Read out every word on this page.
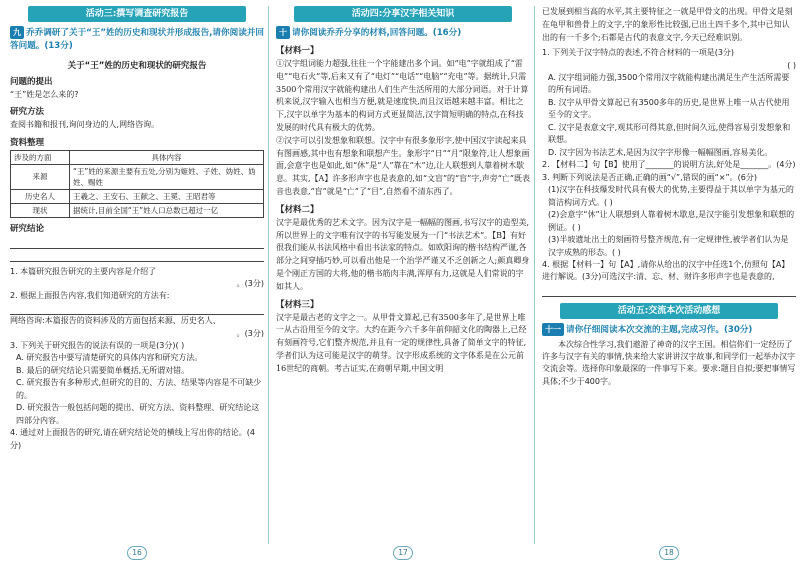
活动三:撰写调查研究报告
九 乔乔调研了关于“王”姓的历史和现状并形成报告,请你阅读并回答问题。(13分)
关于“王”姓的历史和现状的研究报告
问题的提出

“王”姓是怎么来的?

研究方法

查阅书籍和报刊,询问身边的人,网络咨询。

资料整理
涉及的方面	具体内容
来源	“王”姓的来源主要有五处,分别为姬姓、子姓、妫姓、妫姓、赐姓
历史名人	王羲之、王安石、王献之、王冕、王昭君等
现状	据统计,目前全国“王”姓人口总数已超过一亿
研究结论

1. 本篇研究报告研究的主要内容是介绍了

。(3分)

2. 根据上面报告内容,我们知道研究的方法有:

网络咨询:本篇报告的资料涉及的方面包括来源、历史名人、

。(3分)

3. 下列关于研究报告的说法有误的一项是(3分)( )

A. 研究报告中要写清楚研究的具体内容和研究方法。

B. 最后的研究结论只需要简单概括,无所谓对错。

C. 研究报告有多种形式,但研究的目的、方法、结果等内容是不可缺少的。

D. 研究报告一般包括问题的提出、研究方法、资料整理、研究结论这四部分内容。

4. 通过对上面报告的研究,请在研究结论处的横线上写出你的结论。(4分)

16
活动四:分享汉字相关知识
十 请你阅读乔乔分享的材料,回答问题。(16分)
【材料一】

①汉字组词能力超强,往往一个字能建出多个词。如“电”字就组成了“雷电”“电石火”等,后来又有了“电灯”“电话”“电脑”“充电”等。据统计,只需3500个常用汉字就能构建出人们生产生活所用的大部分词语。对于计算机来说,汉字输入也相当方便,就是速度快,而且汉语越来越丰富。相比之下,汉字以单字为基本的构词方式更显简洁,汉字简短明确的特点,在科技发展的时代具有极大的优势。

②汉字可以引发想象和联想。汉字中有很多象形字,使中国汉字读起来具有图画感,其中也有想象和联想产生。象形字“日”“月”限象符,让人想象画面,会意字也是如此,如“休”是“人”靠在“木”边,让人联想到人靠着树木歇息。其实,【A】许多形声字也是表意的,如“文盲”的“盲”字,声旁“亡”既表音也表意,“盲”就是“亡”了“目”,自然看不清东西了。

【材料二】

汉字是最优秀的艺术文字。因为汉字是一幅幅的图画,书写汉字的造型美,所以世界上的文字唯有汉字的书写能发展为一门“书法艺术”。【B】有好很我们能从书法风格中看出书法家的特点。如欧阳询的楷书结构严谨,各部分之间穿插巧妙,可以看出他是一个治学严谨又不乏创新之人;颜真卿身是个刚正方国的大将,他的楷书筋肉丰满,浑厚有力,这就是人们常说的字如其人。

【材料三】

汉字是最古老的文字之一。从甲骨文算起,已有3500多年了,是世界上唯一从古沿用至今的文字。大约在距今六千多年前仰韶文化的陶器上,已经有刻画符号,它们整齐规范,并且有一定的规律性,具备了简单文字的特征,学者们认为这可能是汉字的萌芽。汉字形成系统的文字体系是在公元前16世纪的商朝。考古证实,在商朝早期,中国文明

17

已发展到相当高的水平,其主要特征之一就是甲骨文的出现。甲骨文是刻在龟甲和兽骨上的文字,字的象形性比较强,已出土四千多个,其中已知认出的有一千多个;石都是古代的表意文字,今天已经难识别。

1. 下列关于汉字特点的表述,不符合材料的一项是(3分)

( )

A. 汉字组词能力强,3500个常用汉字就能构建出满足生产生活所需要的所有词语。

B. 汉字从甲骨文算起已有3500多年的历史,是世界上唯一从古代使用至今的文字。

C. 汉字是表意文字,观其形可得其意,但时间久远,使得容易引发想象和联想。

D. 汉字因为书法艺术,是因为汉字字形像一幅幅图画,容易美化。

2. 【材料二】句【B】使用了_______的说明方法,好处是_______。(4分)

3. 判断下列说法是否正确,正确的画“√”,错误的画“×”。(6分)

(1)汉字在科技爆发时代具有极大的优势,主要得益于其以单字为基元的简洁构词方式。( )

(2)会意字“休”让人联想到人靠着树木歇息,是汉字能引发想象和联想的例证。( )

(3)半坡遗址出土的刻画符号整齐规范,有一定规律性,被学者们认为是汉字成熟的形态。( )

4. 根据【材料一】句【A】,请你从给出的汉字中任选1个,仿照句【A】进行解说。(3分)可选汉字:清、忘、材、财许多形声字也是表意的,

活动五:交流本次活动感想
十一 请你仔细阅读本次交流的主题,完成习作。(30分)

本次综合性学习,我们遨游了神奇的汉字王国。相信你们一定经历了许多与汉字有关的事情,快来给大家讲讲汉字故事,和同学们一起举办汉字交流会等。选择你印象最深的一件事写下来。要求:题目自拟;要把事情写具体;不少于400字。

18
